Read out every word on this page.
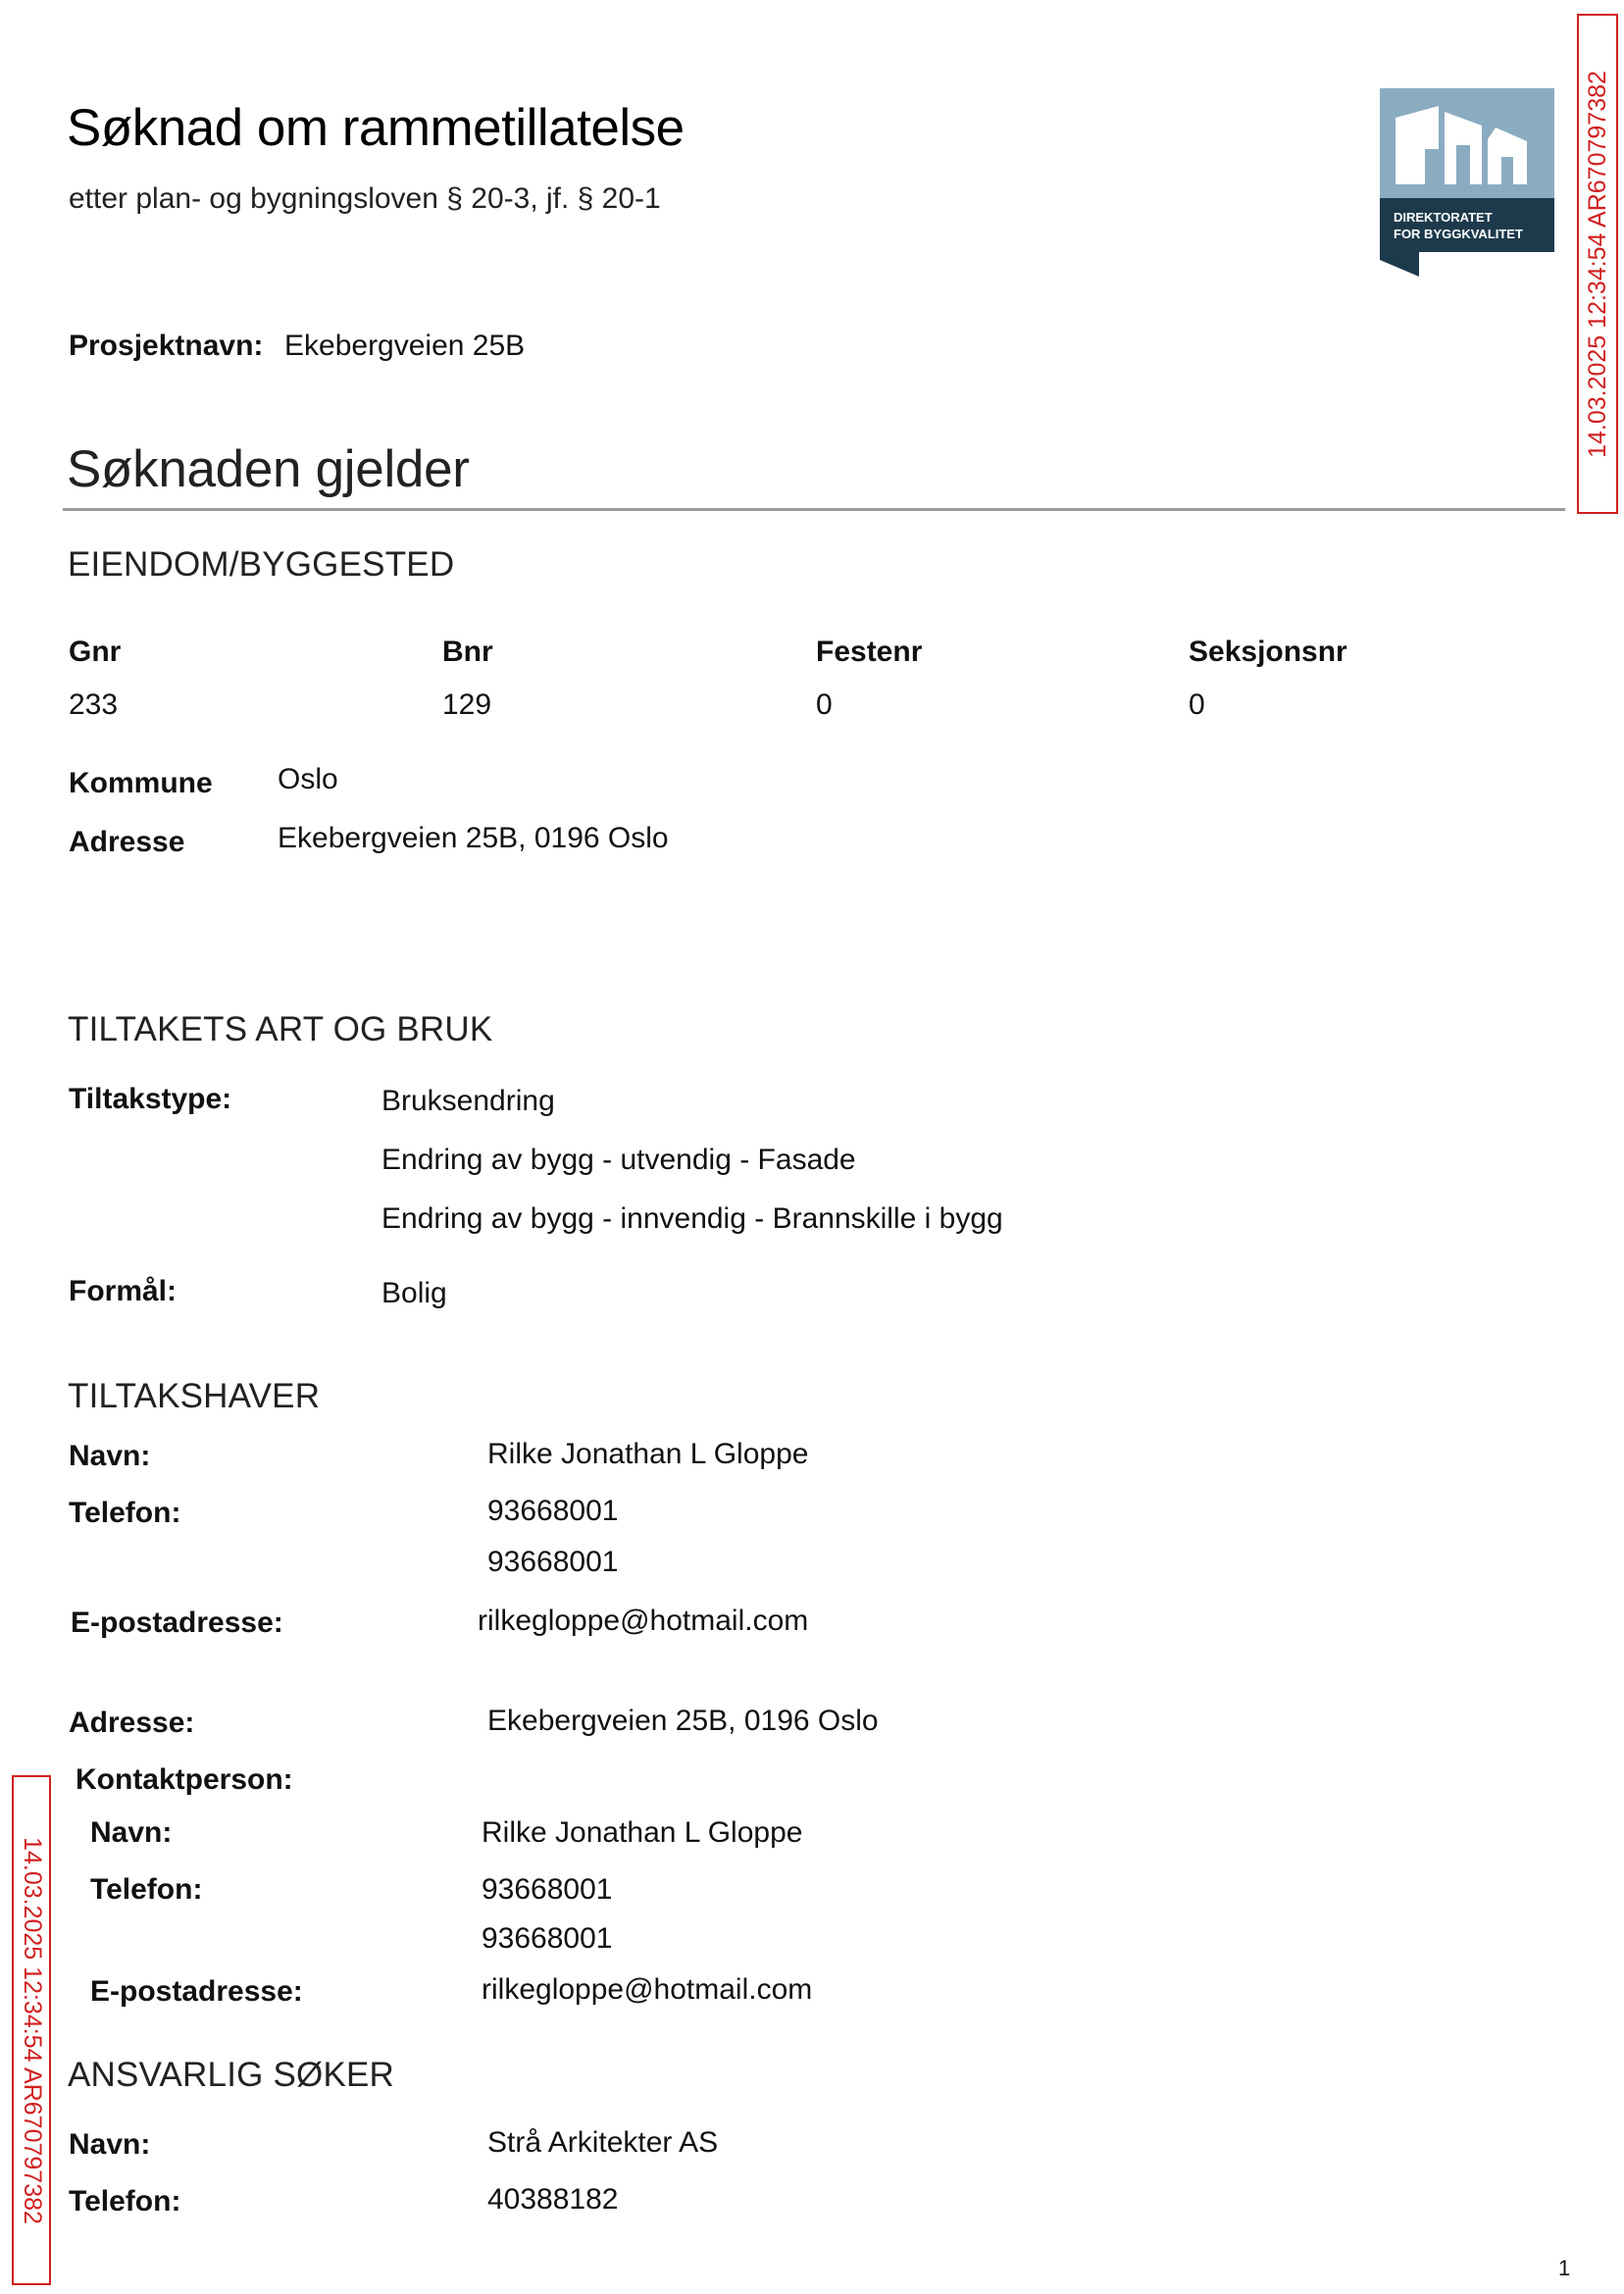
Søknad om rammetillatelse
etter plan- og bygningsloven § 20-3, jf. § 20-1
DIREKTORATET
FOR BYGGKVALITET 14.03.2025 12:34:54 AR670797382
14.03.2025 12:34:54 AR670797382
Prosjektnavn: Ekebergveien 25B
Søknaden gjelder
EIENDOM/BYGGESTED
Gnr	Bnr	Festenr	Seksjonsnr
233	129	0	0
Kommune Oslo
Adresse	Ekebergveien 25B, 0196 Oslo
TILTAKETS ART OG BRUK
Tiltakstype:	Bruksendring
Endring av bygg - utvendig - Fasade
Endring av bygg - innvendig - Brannskille i bygg
Formål:	Bolig
TILTAKSHAVER
Navn:	Rilke Jonathan L Gloppe
Telefon:	93668001
93668001
E-postadresse:	rilkegloppe@hotmail.com
Adresse:	Ekebergveien 25B, 0196 Oslo
Kontaktperson:
Navn:	Rilke Jonathan L Gloppe
Telefon:	93668001
93668001
E-postadresse:	rilkegloppe@hotmail.com
ANSVARLIG SØKER
Navn:	Strå Arkitekter AS
Telefon:	40388182
1
